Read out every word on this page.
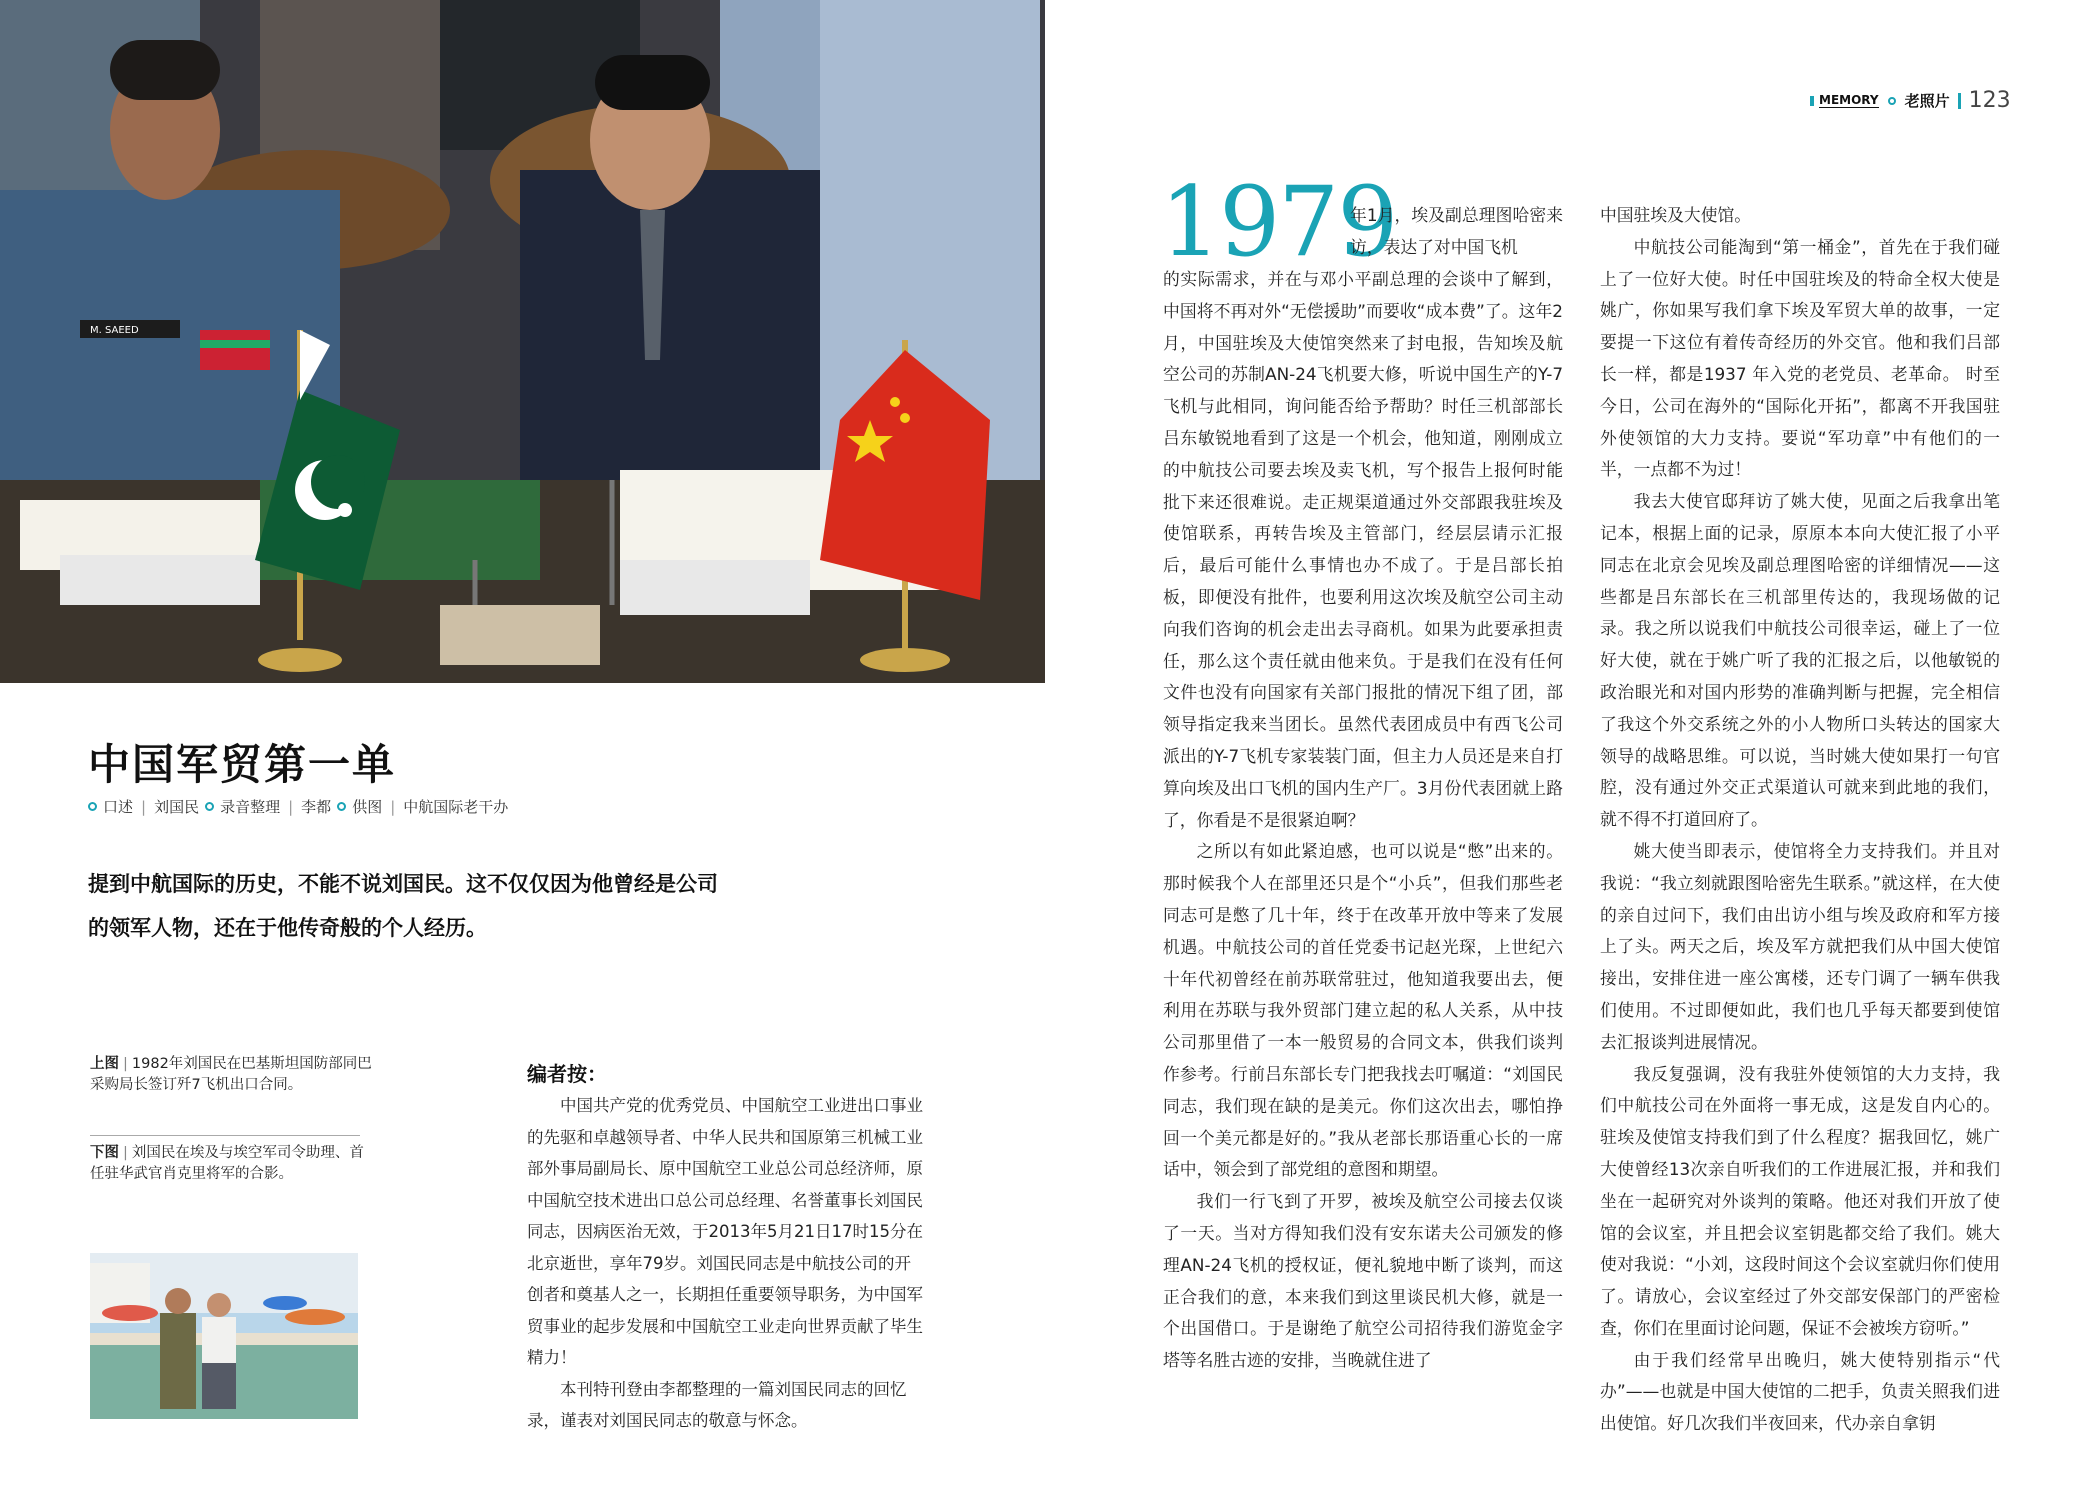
M. SAEED
中国军贸第一单
口述 | 刘国民 录音整理 | 李都 供图 | 中航国际老干办
提到中航国际的历史，不能不说刘国民。这不仅仅因为他曾经是公司的领军人物，还在于他传奇般的个人经历。
上图 | 1982年刘国民在巴基斯坦国防部同巴采购局长签订歼7飞机出口合同。
下图 | 刘国民在埃及与埃空军司令助理、首任驻华武官肖克里将军的合影。
编者按：

中国共产党的优秀党员、中国航空工业进出口事业的先驱和卓越领导者、中华人民共和国原第三机械工业部外事局副局长、原中国航空工业总公司总经济师，原中国航空技术进出口总公司总经理、名誉董事长刘国民同志，因病医治无效，于2013年5月21日17时15分在北京逝世，享年79岁。刘国民同志是中航技公司的开创者和奠基人之一，长期担任重要领导职务，为中国军贸事业的起步发展和中国航空工业走向世界贡献了毕生精力！

本刊特刊登由李都整理的一篇刘国民同志的回忆录，谨表对刘国民同志的敬意与怀念。

MEMORY 老照片 123
1979

年1月，埃及副总理图哈密来访，表达了对中国飞机

的实际需求，并在与邓小平副总理的会谈中了解到，中国将不再对外“无偿援助”而要收“成本费”了。这年2月，中国驻埃及大使馆突然来了封电报，告知埃及航空公司的苏制AN-24飞机要大修，听说中国生产的Y-7飞机与此相同，询问能否给予帮助？时任三机部部长吕东敏锐地看到了这是一个机会，他知道，刚刚成立的中航技公司要去埃及卖飞机，写个报告上报何时能批下来还很难说。走正规渠道通过外交部跟我驻埃及使馆联系，再转告埃及主管部门，经层层请示汇报后，最后可能什么事情也办不成了。于是吕部长拍板，即便没有批件，也要利用这次埃及航空公司主动向我们咨询的机会走出去寻商机。如果为此要承担责任，那么这个责任就由他来负。于是我们在没有任何文件也没有向国家有关部门报批的情况下组了团，部领导指定我来当团长。虽然代表团成员中有西飞公司派出的Y-7飞机专家装装门面，但主力人员还是来自打算向埃及出口飞机的国内生产厂。3月份代表团就上路了，你看是不是很紧迫啊？

之所以有如此紧迫感，也可以说是“憋”出来的。那时候我个人在部里还只是个“小兵”，但我们那些老同志可是憋了几十年，终于在改革开放中等来了发展机遇。中航技公司的首任党委书记赵光琛，上世纪六十年代初曾经在前苏联常驻过，他知道我要出去，便利用在苏联与我外贸部门建立起的私人关系，从中技公司那里借了一本一般贸易的合同文本，供我们谈判作参考。行前吕东部长专门把我找去叮嘱道：“刘国民同志，我们现在缺的是美元。你们这次出去，哪怕挣回一个美元都是好的。”我从老部长那语重心长的一席话中，领会到了部党组的意图和期望。

我们一行飞到了开罗，被埃及航空公司接去仅谈了一天。当对方得知我们没有安东诺夫公司颁发的修理AN-24飞机的授权证，便礼貌地中断了谈判，而这正合我们的意，本来我们到这里谈民机大修，就是一个出国借口。于是谢绝了航空公司招待我们游览金字塔等名胜古迹的安排，当晚就住进了

中国驻埃及大使馆。

中航技公司能淘到“第一桶金”，首先在于我们碰上了一位好大使。时任中国驻埃及的特命全权大使是姚广，你如果写我们拿下埃及军贸大单的故事，一定要提一下这位有着传奇经历的外交官。他和我们吕部长一样，都是1937 年入党的老党员、老革命。 时至今日，公司在海外的“国际化开拓”，都离不开我国驻外使领馆的大力支持。要说“军功章”中有他们的一半，一点都不为过！

我去大使官邸拜访了姚大使，见面之后我拿出笔记本，根据上面的记录，原原本本向大使汇报了小平同志在北京会见埃及副总理图哈密的详细情况——这些都是吕东部长在三机部里传达的，我现场做的记录。我之所以说我们中航技公司很幸运，碰上了一位好大使，就在于姚广听了我的汇报之后，以他敏锐的政治眼光和对国内形势的准确判断与把握，完全相信了我这个外交系统之外的小人物所口头转达的国家大领导的战略思维。可以说，当时姚大使如果打一句官腔，没有通过外交正式渠道认可就来到此地的我们，就不得不打道回府了。

姚大使当即表示，使馆将全力支持我们。并且对我说：“我立刻就跟图哈密先生联系。”就这样，在大使的亲自过问下，我们由出访小组与埃及政府和军方接上了头。两天之后，埃及军方就把我们从中国大使馆接出，安排住进一座公寓楼，还专门调了一辆车供我们使用。不过即便如此，我们也几乎每天都要到使馆去汇报谈判进展情况。

我反复强调，没有我驻外使领馆的大力支持，我们中航技公司在外面将一事无成，这是发自内心的。驻埃及使馆支持我们到了什么程度？据我回忆，姚广大使曾经13次亲自听我们的工作进展汇报，并和我们坐在一起研究对外谈判的策略。他还对我们开放了使馆的会议室，并且把会议室钥匙都交给了我们。姚大使对我说：“小刘，这段时间这个会议室就归你们使用了。请放心，会议室经过了外交部安保部门的严密检查，你们在里面讨论问题，保证不会被埃方窃听。”

由于我们经常早出晚归，姚大使特别指示“代办”——也就是中国大使馆的二把手，负责关照我们进出使馆。好几次我们半夜回来，代办亲自拿钥
